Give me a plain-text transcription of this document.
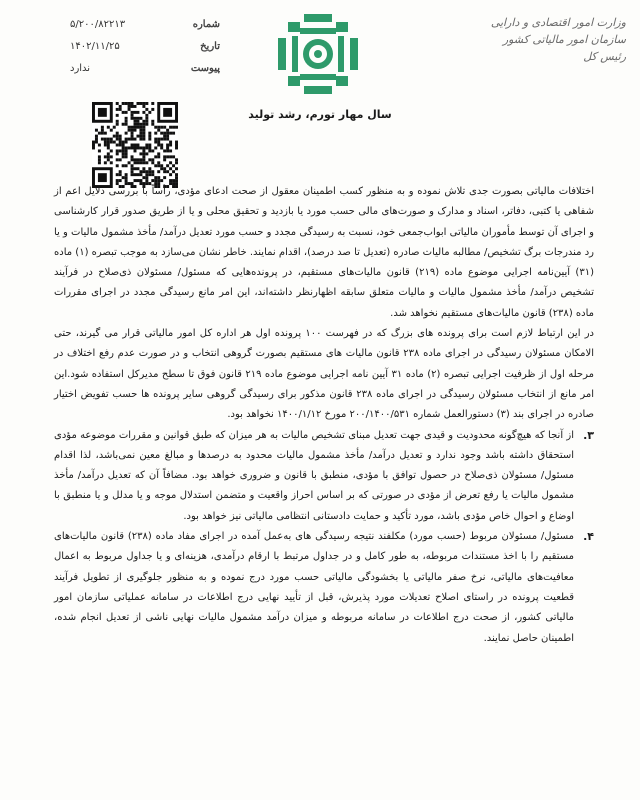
وزارت امور اقتصادی و دارایی
سازمان امور مالیاتی کشور
رئیس کل
شماره
۵/۲۰۰/۸۲۲۱۳
تاریخ
۱۴۰۲/۱۱/۲۵
پیوست
ندارد
سال مهار تورم، رشد تولید

اختلافات مالیاتی بصورت جدی تلاش نموده و به منظور کسب اطمینان معقول از صحت ادعای مؤدی، رأساً با بررسی دلایل اعم از شفاهی یا کتبی، دفاتر، اسناد و مدارک و صورت‌های مالی حسب مورد یا بازدید و تحقیق محلی و یا از طریق صدور قرار کارشناسی و اجرای آن توسط مأموران مالیاتی ابواب‌جمعی خود، نسبت به رسیدگی مجدد و حسب مورد تعدیل درآمد/ مأخذ مشمول مالیات و یا رد مندرجات برگ تشخیص/ مطالبه مالیات صادره (تعدیل تا صد درصد)، اقدام نمایند. خاطر نشان می‌سازد به موجب تبصره (۱) ماده (۳۱) آیین‌نامه اجرایی موضوع ماده (۲۱۹) قانون مالیات‌های مستقیم، در پرونده‌هایی که مسئول/ مسئولان ذی‌صلاح در فرآیند تشخیص درآمد/ مأخذ مشمول مالیات و مالیات متعلق سابقه اظهارنظر داشته‌اند، این امر مانع رسیدگی مجدد در اجرای مقررات ماده (۲۳۸) قانون مالیات‌های مستقیم نخواهد شد.

در این ارتباط لازم است برای پرونده های بزرگ که در فهرست ۱۰۰ پرونده اول هر اداره کل امور مالیاتی قرار می گیرند، حتی الامکان مسئولان رسیدگی در اجرای ماده ۲۳۸ قانون مالیات های مستقیم بصورت گروهی انتخاب و در صورت عدم رفع اختلاف در مرحله اول از ظرفیت اجرایی تبصره (۲) ماده ۳۱ آیین نامه اجرایی موضوع ماده ۲۱۹ قانون فوق تا سطح مدیرکل استفاده شود.این امر مانع از انتخاب مسئولان رسیدگی در اجرای ماده ۲۳۸ قانون مذکور برای رسیدگی گروهی سایر پرونده ها حسب تفویض اختیار صادره در اجرای بند (۳) دستورالعمل شماره ۲۰۰/۱۴۰۰/۵۳۱ مورخ ۱۴۰۰/۱/۱۲ نخواهد بود.

۳.
از آنجا که هیچ‌گونه محدودیت و قیدی جهت تعدیل مبنای تشخیص مالیات به هر میزان که طبق قوانین و مقررات موضوعه مؤدی استحقاق داشته باشد وجود ندارد و تعدیل درآمد/ مأخذ مشمول مالیات محدود به درصدها و مبالغ معین نمی‌باشد، لذا اقدام مسئول/ مسئولان ذی‌صلاح در حصول توافق با مؤدی، منطبق با قانون و ضروری خواهد بود. مضافاً آن که تعدیل درآمد/ مأخذ مشمول مالیات یا رفع تعرض از مؤدی در صورتی که بر اساس احراز واقعیت و متضمن استدلال موجه و یا مدلل و یا منطبق با اوضاع و احوال خاص مؤدی باشد، مورد تأکید و حمایت دادستانی انتظامی مالیاتی نیز خواهد بود.
۴.
مسئول/ مسئولان مربوط (حسب مورد) مکلفند نتیجه رسیدگی های به‌عمل آمده در اجرای مفاد ماده (۲۳۸) قانون مالیات‌های مستقیم را با اخذ مستندات مربوطه، به طور کامل و در جداول مرتبط با ارقام درآمدی، هزینه‌ای و یا جداول مربوط به اعمال معافیت‌های مالیاتی، نرخ صفر مالیاتی یا بخشودگی مالیاتی حسب مورد درج نموده و به منظور جلوگیری از تطویل فرآیند قطعیت پرونده در راستای اصلاح تعدیلات مورد پذیرش، قبل از تأیید نهایی درج اطلاعات در سامانه عملیاتی سازمان امور مالیاتی کشور، از صحت درج اطلاعات در سامانه مربوطه و میزان درآمد مشمول مالیات نهایی ناشی از تعدیل انجام شده، اطمینان حاصل نمایند.
